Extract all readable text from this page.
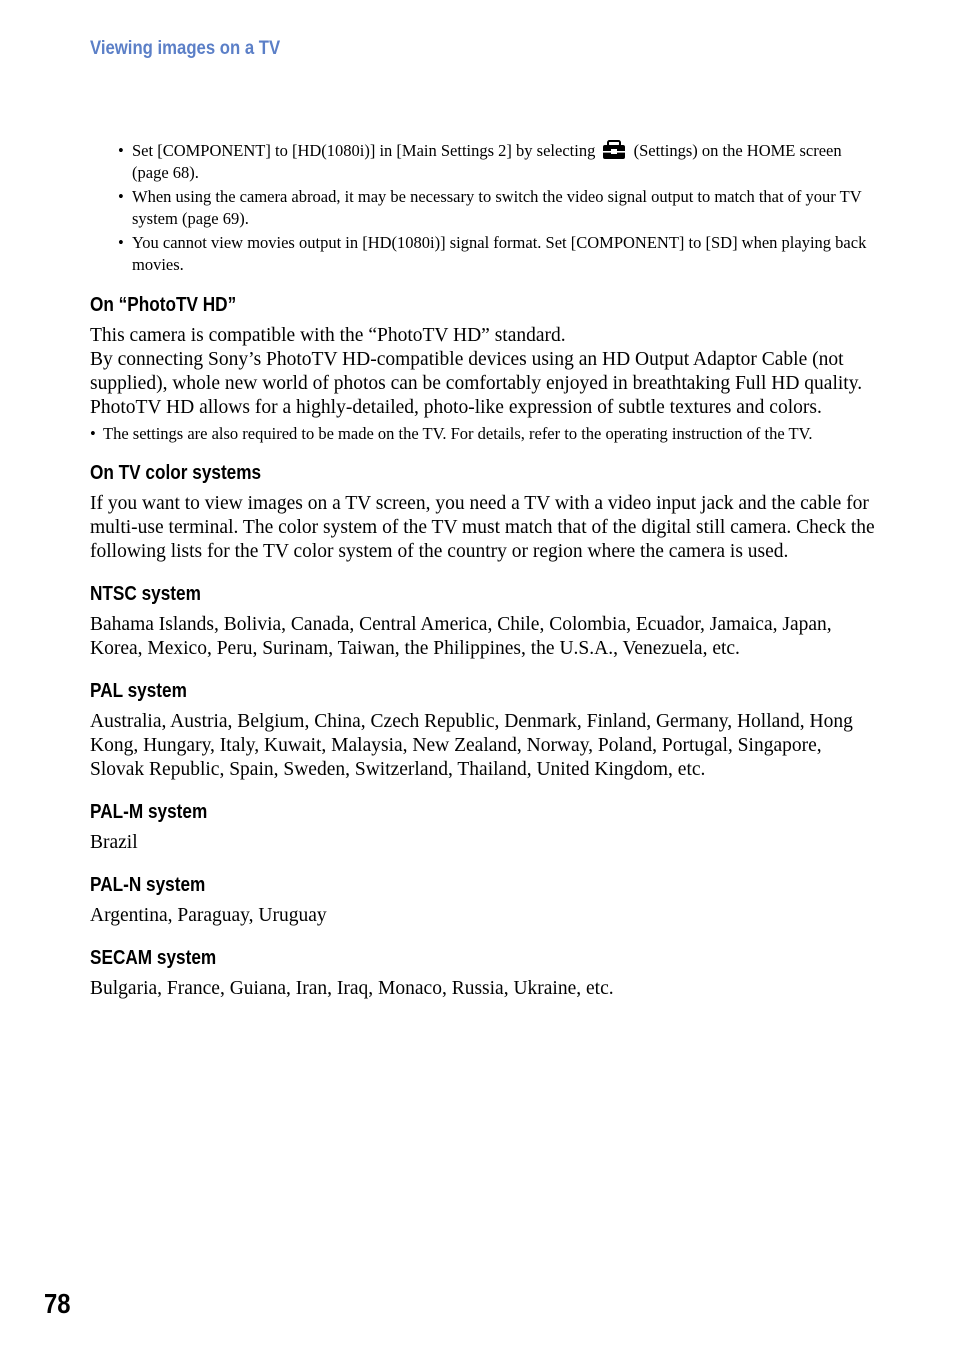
Viewing images on a TV
• Set [COMPONENT] to [HD(1080i)] in [Main Settings 2] by selecting (Settings) on the HOME screen (page 68).
• When using the camera abroad, it may be necessary to switch the video signal output to match that of your TV system (page 69).
• You cannot view movies output in [HD(1080i)] signal format. Set [COMPONENT] to [SD] when playing back movies.
On “PhotoTV HD”

This camera is compatible with the “PhotoTV HD” standard.

By connecting Sony’s PhotoTV HD-compatible devices using an HD Output Adaptor Cable (not supplied), whole new world of photos can be comfortably enjoyed in breathtaking Full HD quality.

PhotoTV HD allows for a highly-detailed, photo-like expression of subtle textures and colors.

• The settings are also required to be made on the TV. For details, refer to the operating instruction of the TV.
On TV color systems

If you want to view images on a TV screen, you need a TV with a video input jack and the cable for multi-use terminal. The color system of the TV must match that of the digital still camera. Check the following lists for the TV color system of the country or region where the camera is used.

NTSC system

Bahama Islands, Bolivia, Canada, Central America, Chile, Colombia, Ecuador, Jamaica, Japan, Korea, Mexico, Peru, Surinam, Taiwan, the Philippines, the U.S.A., Venezuela, etc.

PAL system

Australia, Austria, Belgium, China, Czech Republic, Denmark, Finland, Germany, Holland, Hong Kong, Hungary, Italy, Kuwait, Malaysia, New Zealand, Norway, Poland, Portugal, Singapore, Slovak Republic, Spain, Sweden, Switzerland, Thailand, United Kingdom, etc.

PAL-M system

Brazil

PAL-N system

Argentina, Paraguay, Uruguay

SECAM system

Bulgaria, France, Guiana, Iran, Iraq, Monaco, Russia, Ukraine, etc.

78
